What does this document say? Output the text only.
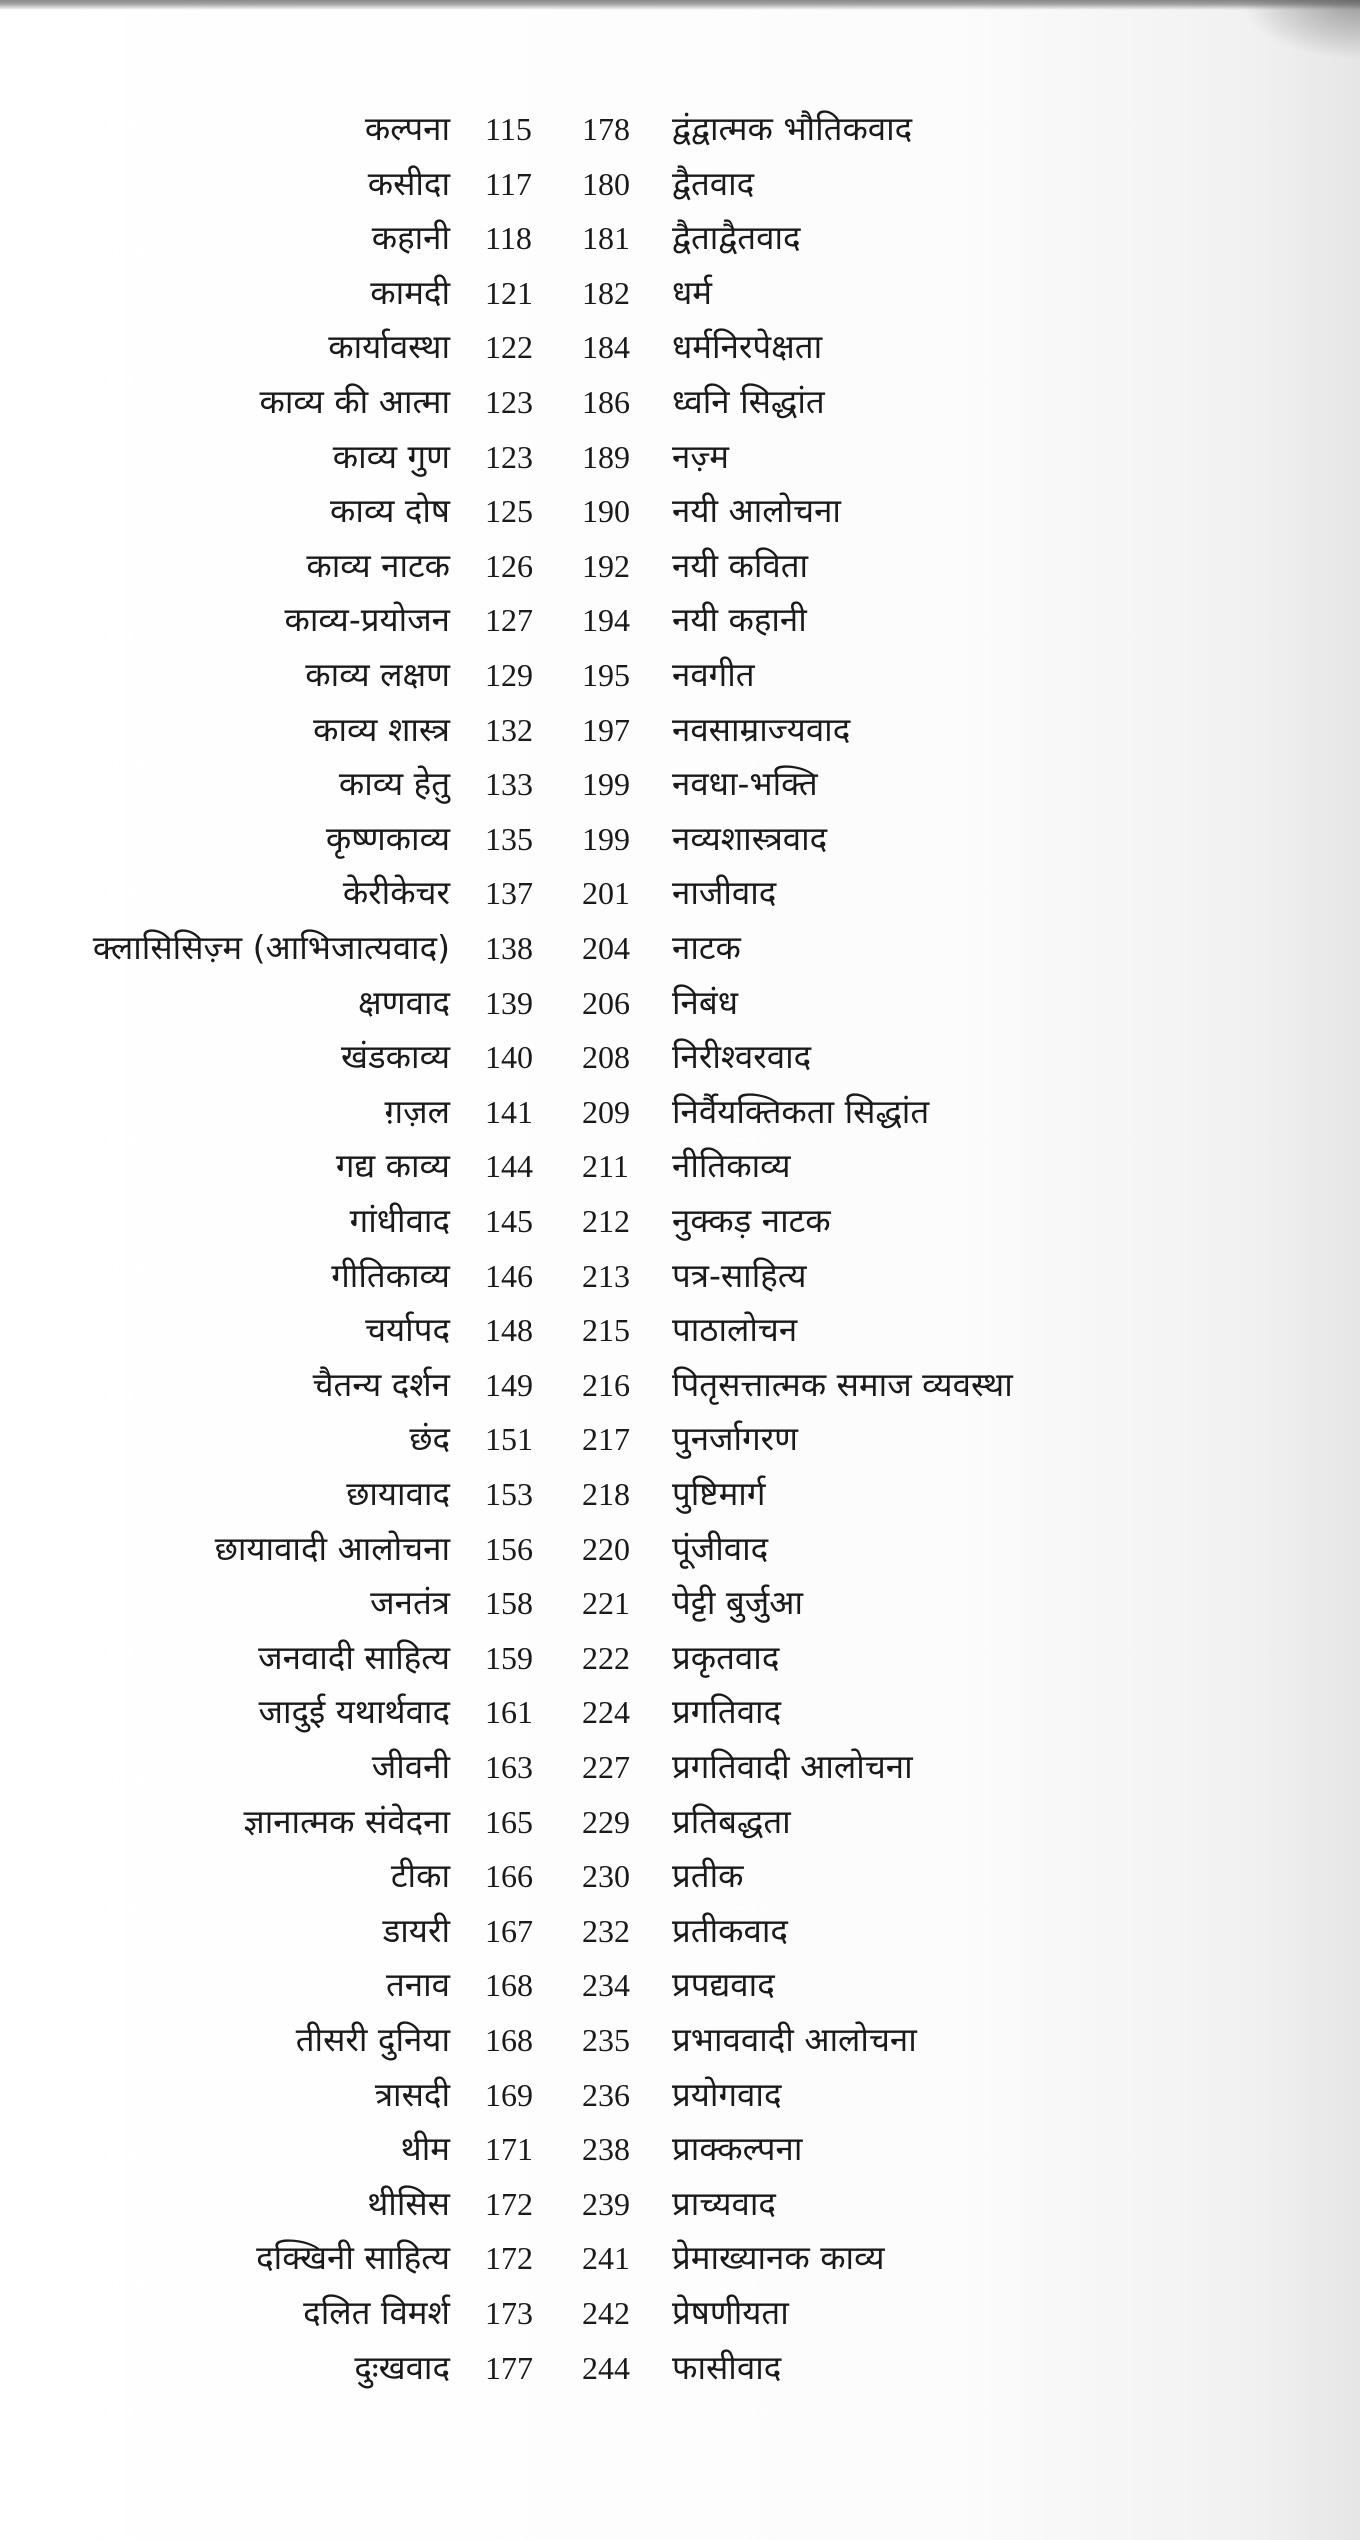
कल्पना 115 178 द्वंद्वात्मक भौतिकवाद
कसीदा 117 180 द्वैतवाद
कहानी 118 181 द्वैताद्वैतवाद
कामदी 121 182 धर्म
कार्यावस्था 122 184 धर्मनिरपेक्षता
काव्य की आत्मा 123 186 ध्वनि सिद्धांत
काव्य गुण 123 189 नज़्म
काव्य दोष 125 190 नयी आलोचना
काव्य नाटक 126 192 नयी कविता
काव्य-प्रयोजन 127 194 नयी कहानी
काव्य लक्षण 129 195 नवगीत
काव्य शास्त्र 132 197 नवसाम्राज्यवाद
काव्य हेतु 133 199 नवधा-भक्ति
कृष्णकाव्य 135 199 नव्यशास्त्रवाद
केरीकेचर 137 201 नाजीवाद
क्लासिसिज़्म (आभिजात्यवाद) 138 204 नाटक
क्षणवाद 139 206 निबंध
खंडकाव्य 140 208 निरीश्वरवाद
ग़ज़ल 141 209 निर्वैयक्तिकता सिद्धांत
गद्य काव्य 144 211 नीतिकाव्य
गांधीवाद 145 212 नुक्कड़ नाटक
गीतिकाव्य 146 213 पत्र-साहित्य
चर्यापद 148 215 पाठालोचन
चैतन्य दर्शन 149 216 पितृसत्तात्मक समाज व्यवस्था
छंद 151 217 पुनर्जागरण
छायावाद 153 218 पुष्टिमार्ग
छायावादी आलोचना 156 220 पूंजीवाद
जनतंत्र 158 221 पेट्टी बुर्जुआ
जनवादी साहित्य 159 222 प्रकृतवाद
जादुई यथार्थवाद 161 224 प्रगतिवाद
जीवनी 163 227 प्रगतिवादी आलोचना
ज्ञानात्मक संवेदना 165 229 प्रतिबद्धता
टीका 166 230 प्रतीक
डायरी 167 232 प्रतीकवाद
तनाव 168 234 प्रपद्यवाद
तीसरी दुनिया 168 235 प्रभाववादी आलोचना
त्रासदी 169 236 प्रयोगवाद
थीम 171 238 प्राक्कल्पना
थीसिस 172 239 प्राच्यवाद
दक्खिनी साहित्य 172 241 प्रेमाख्यानक काव्य
दलित विमर्श 173 242 प्रेषणीयता
दुःखवाद 177 244 फासीवाद
